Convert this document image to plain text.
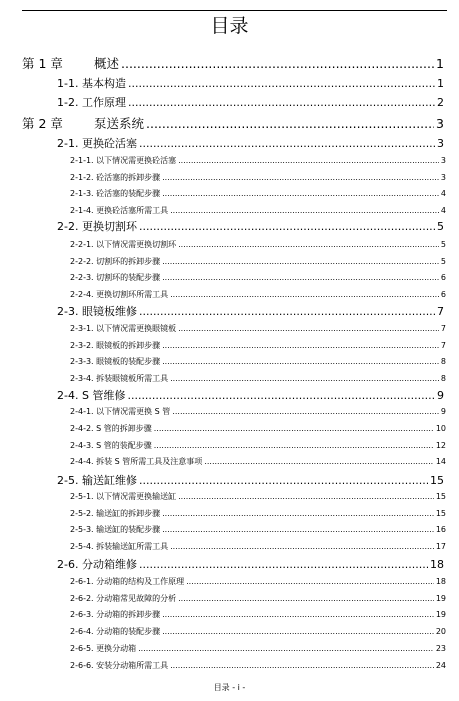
目录
第 1 章 概述 .....	1
1-1. 基本构造 .....	1
1-2. 工作原理 .....	2
第 2 章 泵送系统 .....	3
2-1. 更换砼活塞 .....	3
2-1-1. 以下情况需更换砼活塞 .....	3
2-1-2. 砼活塞的拆卸步骤 .....	3
2-1-3. 砼活塞的装配步骤 .....	4
2-1-4. 更换砼活塞所需工具 .....	4
2-2. 更换切割环 .....	5
2-2-1. 以下情况需更换切割环 .....	5
2-2-2. 切割环的拆卸步骤 .....	5
2-2-3. 切割环的装配步骤 .....	6
2-2-4. 更换切割环所需工具 .....	6
2-3. 眼镜板维修 .....	7
2-3-1. 以下情况需更换眼镜板 .....	7
2-3-2. 眼镜板的拆卸步骤 .....	7
2-3-3. 眼镜板的装配步骤 .....	8
2-3-4. 拆装眼镜板所需工具 .....	8
2-4. S 管维修 .....	9
2-4-1. 以下情况需更换 S 管 .....	9
2-4-2. S 管的拆卸步骤 .....	10
2-4-3. S 管的装配步骤 .....	12
2-4-4. 拆装 S 管所需工具及注意事项 .....	14
2-5. 输送缸维修 .....	15
2-5-1. 以下情况需更换输送缸 .....	15
2-5-2. 输送缸的拆卸步骤 .....	15
2-5-3. 输送缸的装配步骤 .....	16
2-5-4. 拆装输送缸所需工具 .....	17
2-6. 分动箱维修 .....	18
2-6-1. 分动箱的结构及工作原理 .....	18
2-6-2. 分动箱常见故障的分析 .....	19
2-6-3. 分动箱的拆卸步骤 .....	19
2-6-4. 分动箱的装配步骤 .....	20
2-6-5. 更换分动箱 .....	23
2-6-6. 安装分动箱所需工具 .....	24
目录 - i -
